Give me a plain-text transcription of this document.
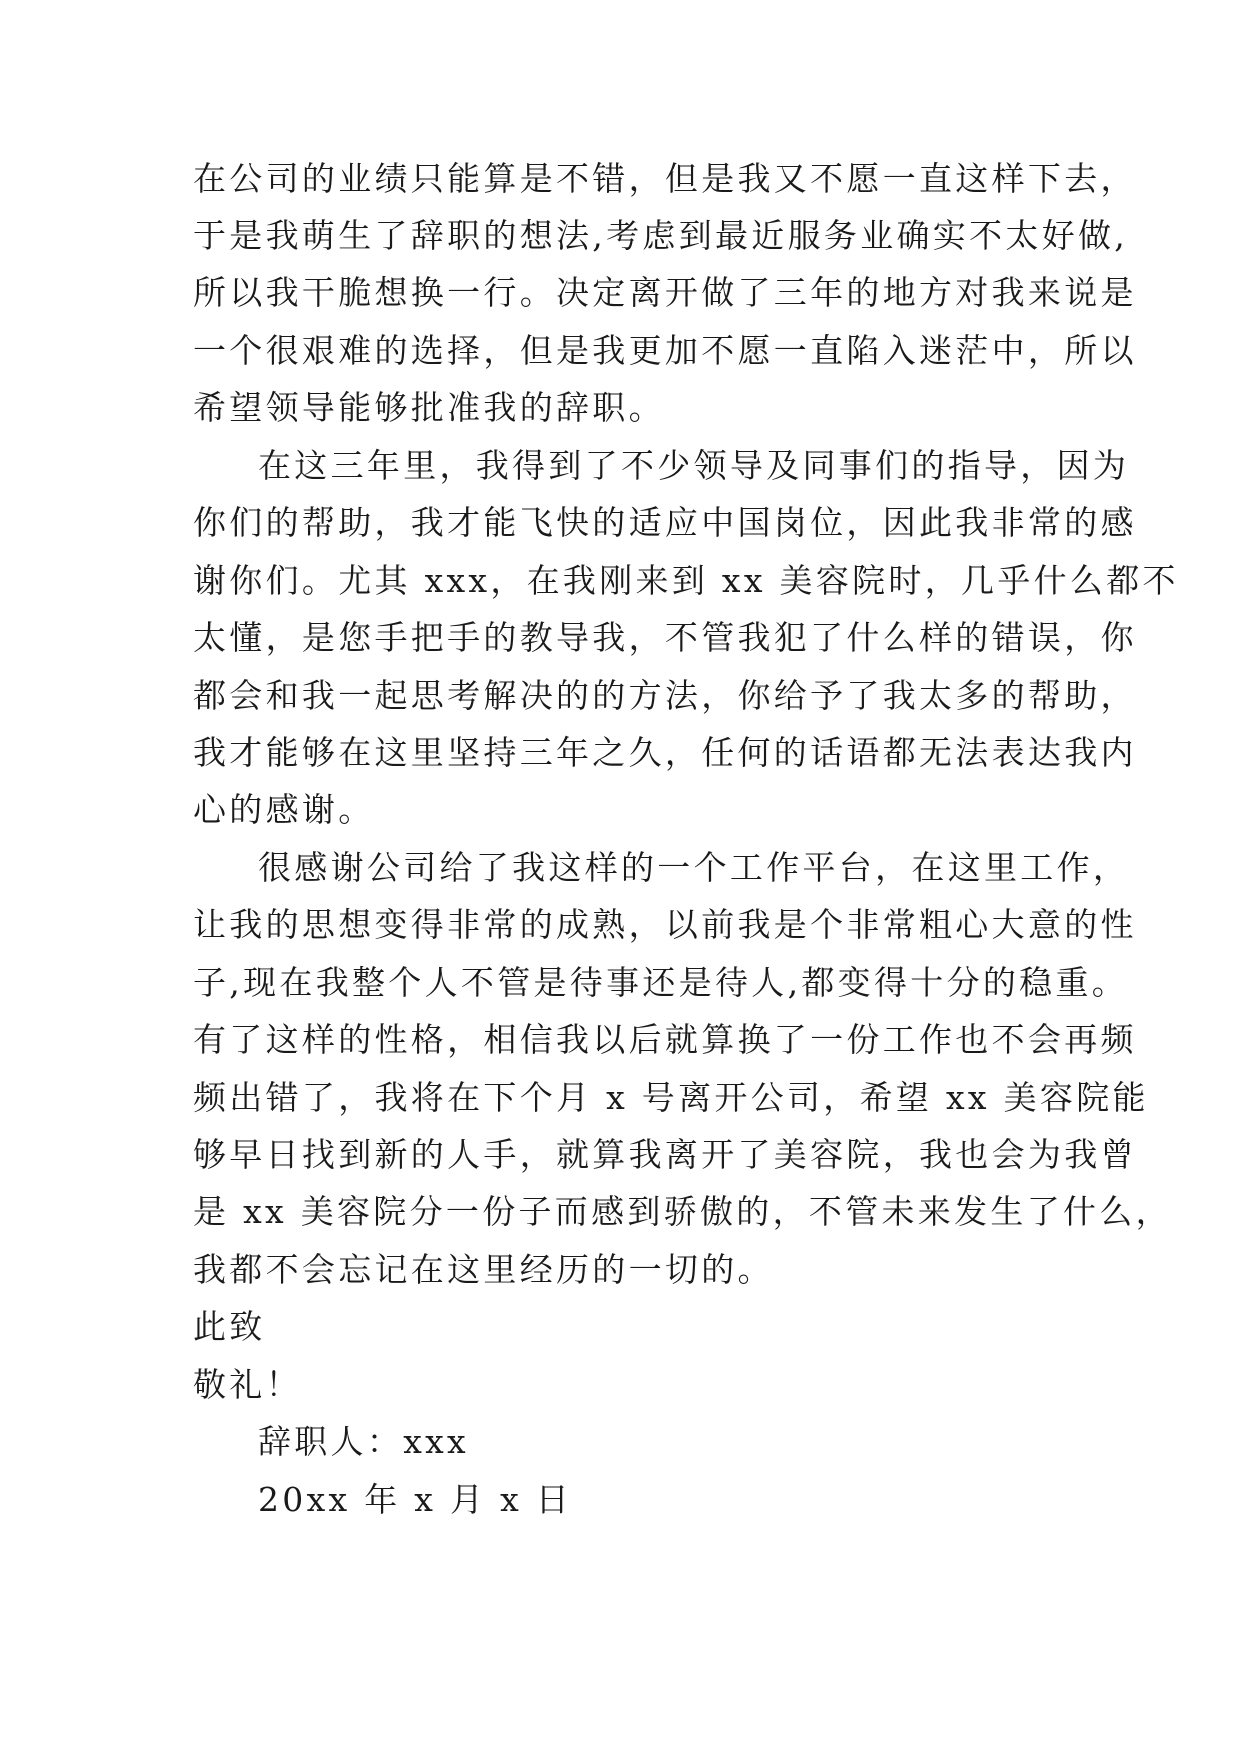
在公司的业绩只能算是不错，但是我又不愿一直这样下去，
于是我萌生了辞职的想法,考虑到最近服务业确实不太好做,
所以我干脆想换一行。决定离开做了三年的地方对我来说是
一个很艰难的选择，但是我更加不愿一直陷入迷茫中，所以
希望领导能够批准我的辞职。
在这三年里，我得到了不少领导及同事们的指导，因为
你们的帮助，我才能飞快的适应中国岗位，因此我非常的感
谢你们。尤其 xxx，在我刚来到 xx 美容院时，几乎什么都不
太懂，是您手把手的教导我，不管我犯了什么样的错误，你
都会和我一起思考解决的的方法，你给予了我太多的帮助，
我才能够在这里坚持三年之久，任何的话语都无法表达我内
心的感谢。
很感谢公司给了我这样的一个工作平台，在这里工作，
让我的思想变得非常的成熟，以前我是个非常粗心大意的性
子,现在我整个人不管是待事还是待人,都变得十分的稳重。
有了这样的性格，相信我以后就算换了一份工作也不会再频
频出错了，我将在下个月 x 号离开公司，希望 xx 美容院能
够早日找到新的人手，就算我离开了美容院，我也会为我曾
是 xx 美容院分一份子而感到骄傲的，不管未来发生了什么，
我都不会忘记在这里经历的一切的。
此致
敬礼！
辞职人：xxx
20xx 年 x 月 x 日
